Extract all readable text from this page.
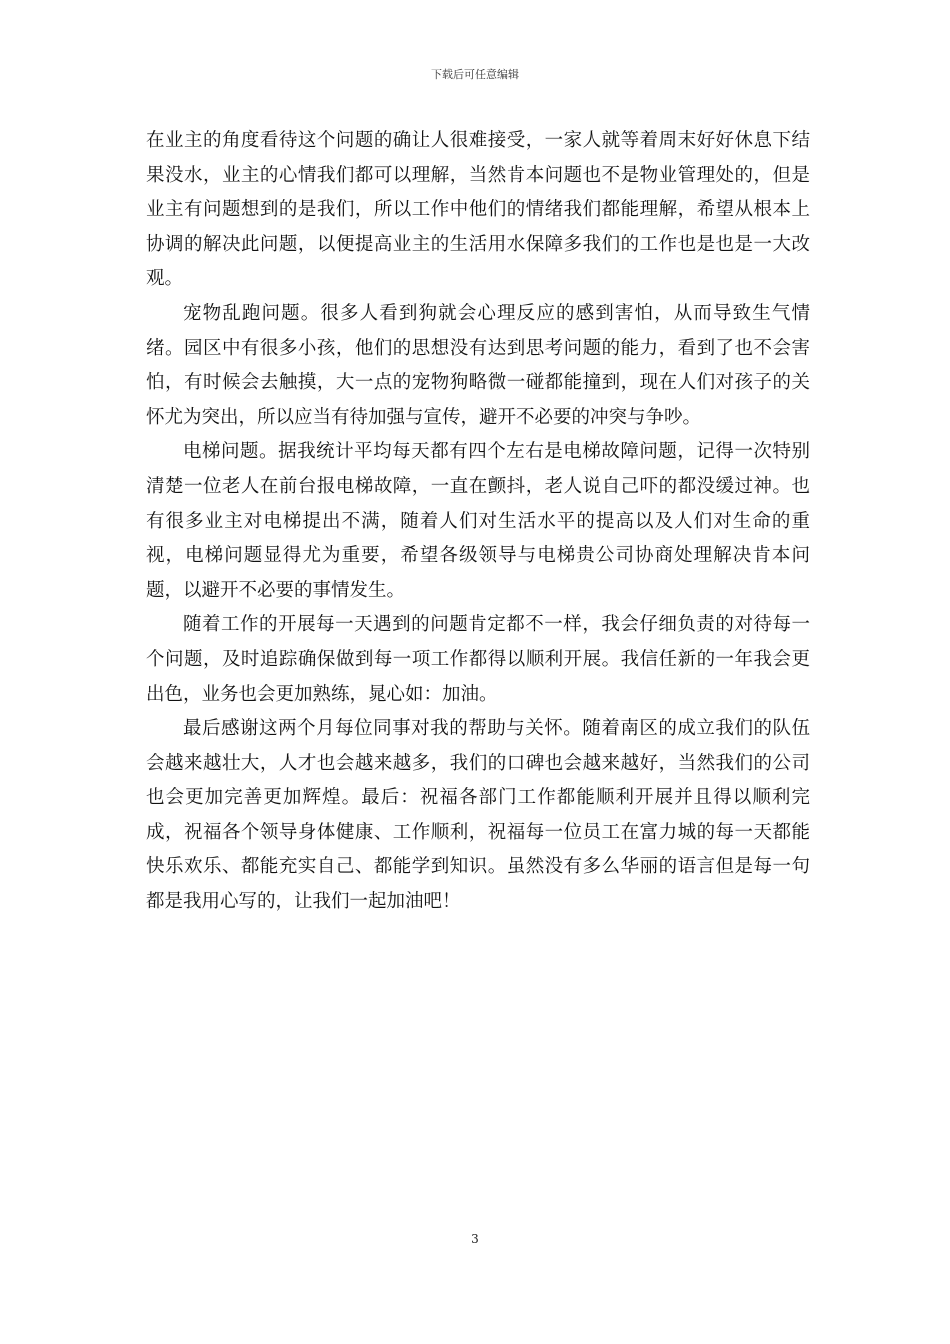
下载后可任意编辑

在业主的角度看待这个问题的确让人很难接受，一家人就等着周末好好休息下结果没水，业主的心情我们都可以理解，当然肯本问题也不是物业管理处的，但是业主有问题想到的是我们，所以工作中他们的情绪我们都能理解，希望从根本上协调的解决此问题，以便提高业主的生活用水保障多我们的工作也是也是一大改观。

宠物乱跑问题。很多人看到狗就会心理反应的感到害怕，从而导致生气情绪。园区中有很多小孩，他们的思想没有达到思考问题的能力，看到了也不会害怕，有时候会去触摸，大一点的宠物狗略微一碰都能撞到，现在人们对孩子的关怀尤为突出，所以应当有待加强与宣传，避开不必要的冲突与争吵。

电梯问题。据我统计平均每天都有四个左右是电梯故障问题，记得一次特别清楚一位老人在前台报电梯故障，一直在颤抖，老人说自己吓的都没缓过神。也有很多业主对电梯提出不满，随着人们对生活水平的提高以及人们对生命的重视，电梯问题显得尤为重要，希望各级领导与电梯贵公司协商处理解决肯本问题，以避开不必要的事情发生。

随着工作的开展每一天遇到的问题肯定都不一样，我会仔细负责的对待每一个问题，及时追踪确保做到每一项工作都得以顺利开展。我信任新的一年我会更出色，业务也会更加熟练，晁心如：加油。

最后感谢这两个月每位同事对我的帮助与关怀。随着南区的成立我们的队伍会越来越壮大，人才也会越来越多，我们的口碑也会越来越好，当然我们的公司也会更加完善更加辉煌。最后：祝福各部门工作都能顺利开展并且得以顺利完成，祝福各个领导身体健康、工作顺利，祝福每一位员工在富力城的每一天都能快乐欢乐、都能充实自己、都能学到知识。虽然没有多么华丽的语言但是每一句都是我用心写的，让我们一起加油吧！

3
